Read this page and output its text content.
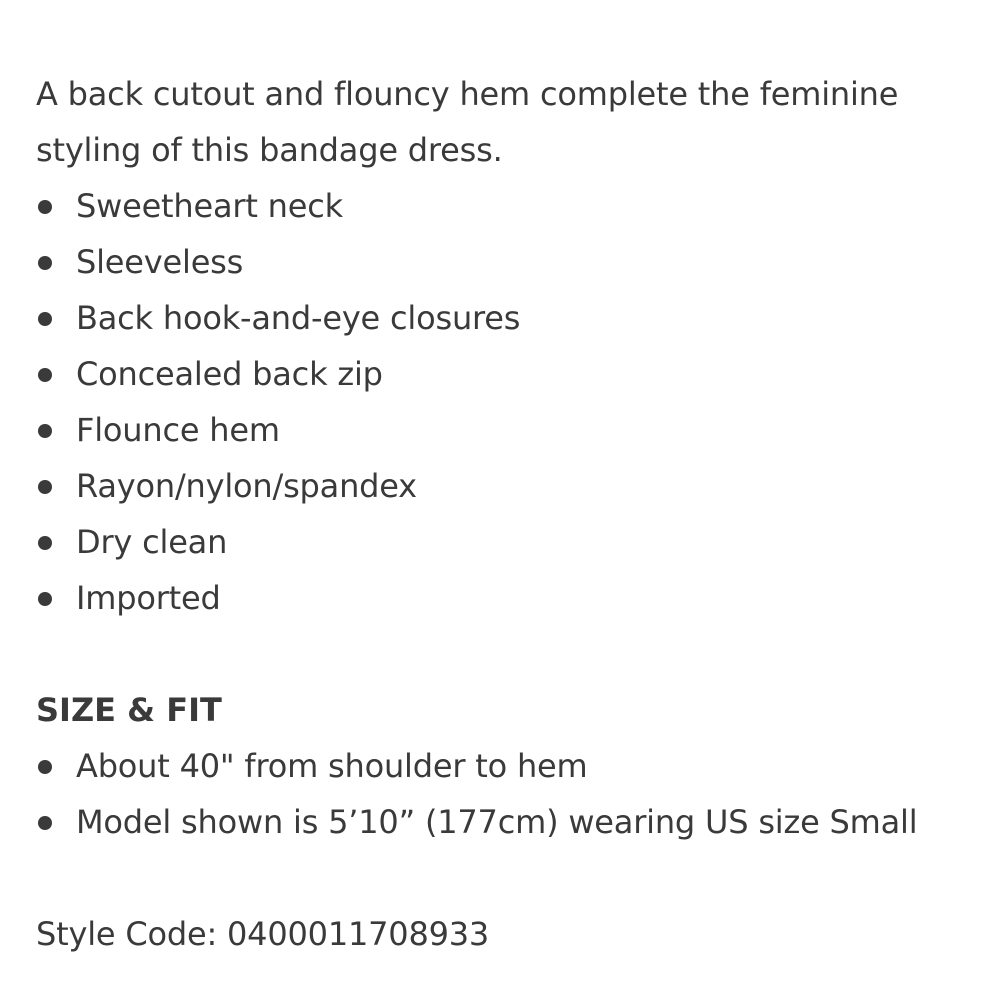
A back cutout and flouncy hem complete the feminine styling of this bandage dress.

Sweetheart neck
Sleeveless
Back hook-and-eye closures
Concealed back zip
Flounce hem
Rayon/nylon/spandex
Dry clean
Imported
SIZE & FIT
About 40" from shoulder to hem
Model shown is 5’10” (177cm) wearing US size Small
Style Code: 0400011708933
